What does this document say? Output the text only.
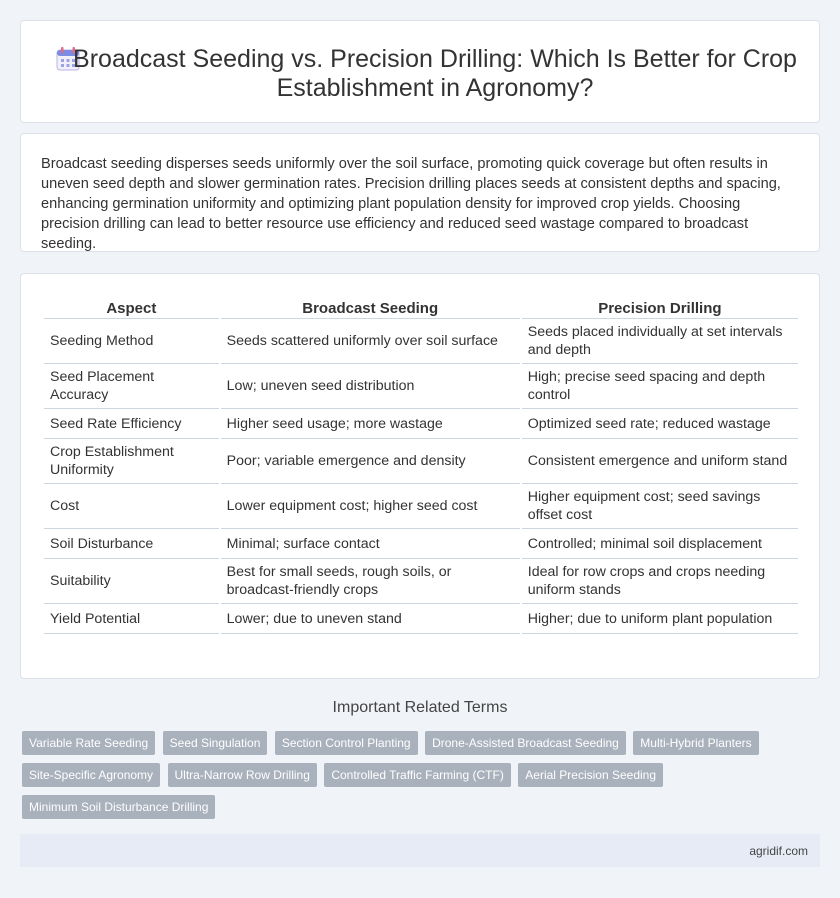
Broadcast Seeding vs. Precision Drilling: Which Is Better for Crop Establishment in Agronomy?

Broadcast seeding disperses seeds uniformly over the soil surface, promoting quick coverage but often results in uneven seed depth and slower germination rates. Precision drilling places seeds at consistent depths and spacing, enhancing germination uniformity and optimizing plant population density for improved crop yields. Choosing precision drilling can lead to better resource use efficiency and reduced seed wastage compared to broadcast seeding.

Aspect	Broadcast Seeding	Precision Drilling
Seeding Method	Seeds scattered uniformly over soil surface	Seeds placed individually at set intervals and depth
Seed Placement Accuracy	Low; uneven seed distribution	High; precise seed spacing and depth control
Seed Rate Efficiency	Higher seed usage; more wastage	Optimized seed rate; reduced wastage
Crop Establishment Uniformity	Poor; variable emergence and density	Consistent emergence and uniform stand
Cost	Lower equipment cost; higher seed cost	Higher equipment cost; seed savings offset cost
Soil Disturbance	Minimal; surface contact	Controlled; minimal soil displacement
Suitability	Best for small seeds, rough soils, or broadcast-friendly crops	Ideal for row crops and crops needing uniform stands
Yield Potential	Lower; due to uneven stand	Higher; due to uniform plant population
Important Related Terms
Variable Rate Seeding Seed Singulation Section Control Planting Drone-Assisted Broadcast Seeding Multi-Hybrid Planters Site-Specific Agronomy Ultra-Narrow Row Drilling Controlled Traffic Farming (CTF) Aerial Precision Seeding Minimum Soil Disturbance Drilling
agridif.com
